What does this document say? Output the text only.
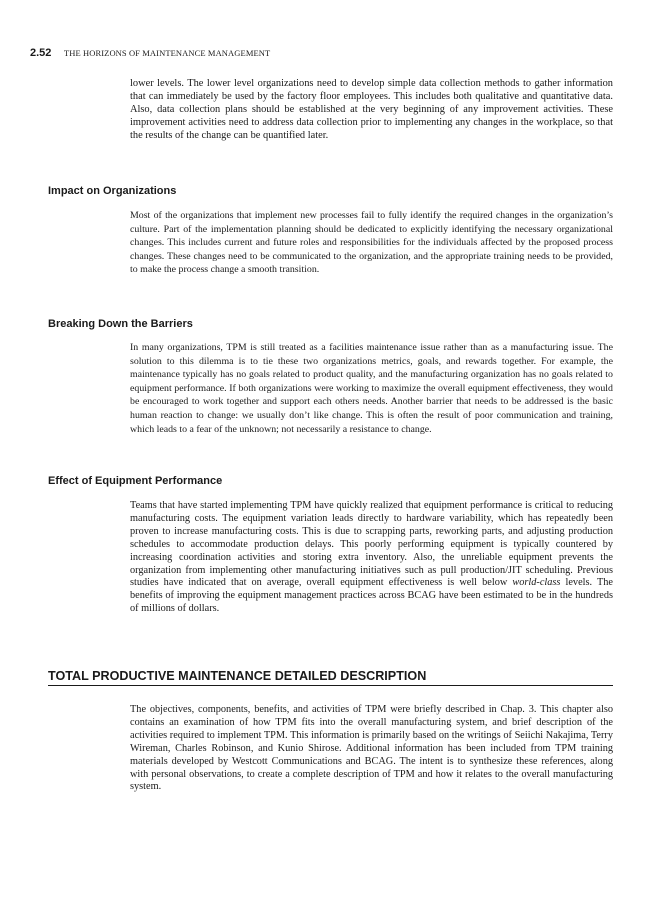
2.52 THE HORIZONS OF MAINTENANCE MANAGEMENT

lower levels. The lower level organizations need to develop simple data collection methods to gather information that can immediately be used by the factory floor employees. This includes both qualitative and quantitative data. Also, data collection plans should be established at the very beginning of any improvement activities. These improvement activities need to address data collection prior to implementing any changes in the workplace, so that the results of the change can be quantified later.

Impact on Organizations

Most of the organizations that implement new processes fail to fully identify the required changes in the organization’s culture. Part of the implementation planning should be dedicated to explicitly identifying the necessary organizational changes. This includes current and future roles and responsibilities for the individuals affected by the proposed process changes. These changes need to be communicated to the organization, and the appropriate training needs to be provided, to make the process change a smooth transition.

Breaking Down the Barriers

In many organizations, TPM is still treated as a facilities maintenance issue rather than as a manufacturing issue. The solution to this dilemma is to tie these two organizations metrics, goals, and rewards together. For example, the maintenance typically has no goals related to product quality, and the manufacturing organization has no goals related to equipment performance. If both organizations were working to maximize the overall equipment effectiveness, they would be encouraged to work together and support each others needs. Another barrier that needs to be addressed is the basic human reaction to change: we usually don’t like change. This is often the result of poor communication and training, which leads to a fear of the unknown; not necessarily a resistance to change.

Effect of Equipment Performance

Teams that have started implementing TPM have quickly realized that equipment performance is critical to reducing manufacturing costs. The equipment variation leads directly to hardware variability, which has repeatedly been proven to increase manufacturing costs. This is due to scrapping parts, reworking parts, and adjusting production schedules to accommodate production delays. This poorly performing equipment is typically countered by increasing coordination activities and storing extra inventory. Also, the unreliable equipment prevents the organization from implementing other manufacturing initiatives such as pull production/JIT scheduling. Previous studies have indicated that on average, overall equipment effectiveness is well below world-class levels. The benefits of improving the equipment management practices across BCAG have been estimated to be in the hundreds of millions of dollars.

TOTAL PRODUCTIVE MAINTENANCE DETAILED DESCRIPTION

The objectives, components, benefits, and activities of TPM were briefly described in Chap. 3. This chapter also contains an examination of how TPM fits into the overall manufacturing system, and brief description of the activities required to implement TPM. This information is primarily based on the writings of Seiichi Nakajima, Terry Wireman, Charles Robinson, and Kunio Shirose. Additional information has been included from TPM training materials developed by Westcott Communications and BCAG. The intent is to synthesize these references, along with personal observations, to create a complete description of TPM and how it relates to the overall manufacturing system.
